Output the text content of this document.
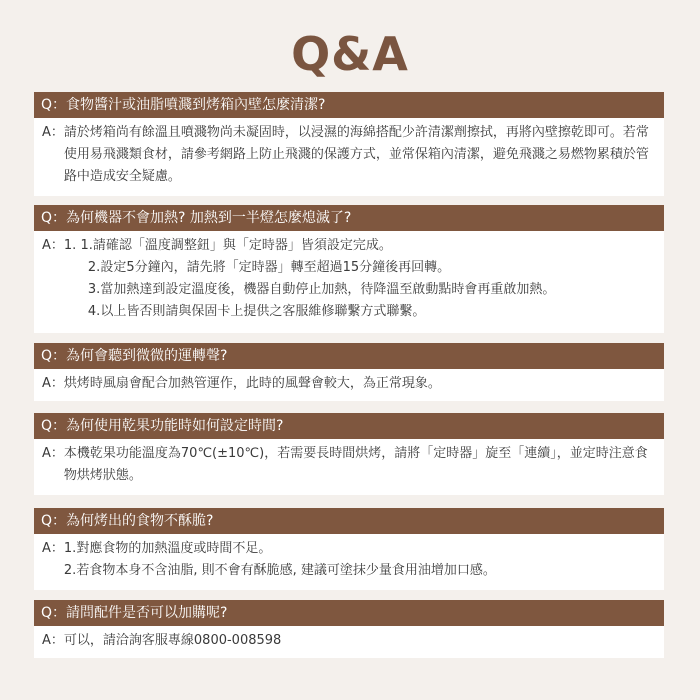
Q&A
Q：食物醬汁或油脂噴濺到烤箱內壁怎麼清潔?
A： 請於烤箱尚有餘溫且噴濺物尚未凝固時，以浸濕的海綿搭配少許清潔劑擦拭，再將內壁擦乾即可。若常使用易飛濺類食材，請參考網路上防止飛濺的保護方式，並常保箱內清潔，避免飛濺之易燃物累積於管路中造成安全疑慮。
Q：為何機器不會加熱? 加熱到一半燈怎麼熄滅了?
A： 1. 1. 請確認「溫度調整鈕」與「定時器」皆須設定完成。
2. 設定5分鐘內，請先將「定時器」轉至超過15分鐘後再回轉。
3. 當加熱達到設定溫度後，機器自動停止加熱，待降溫至啟動點時會再重啟加熱。
4. 以上皆否則請與保固卡上提供之客服維修聯繫方式聯繫。
Q：為何會聽到微微的運轉聲?
A： 烘烤時風扇會配合加熱管運作，此時的風聲會較大，為正常現象。
Q：為何使用乾果功能時如何設定時間?
A： 本機乾果功能溫度為70℃(±10℃)，若需要長時間烘烤，請將「定時器」旋至「連續」，並定時注意食物烘烤狀態。
Q：為何烤出的食物不酥脆?
A： 1. 對應食物的加熱溫度或時間不足。
2. 若食物本身不含油脂, 則不會有酥脆感, 建議可塗抹少量食用油增加口感。
Q：請問配件是否可以加購呢?
A： 可以，請洽詢客服專線0800-008598
